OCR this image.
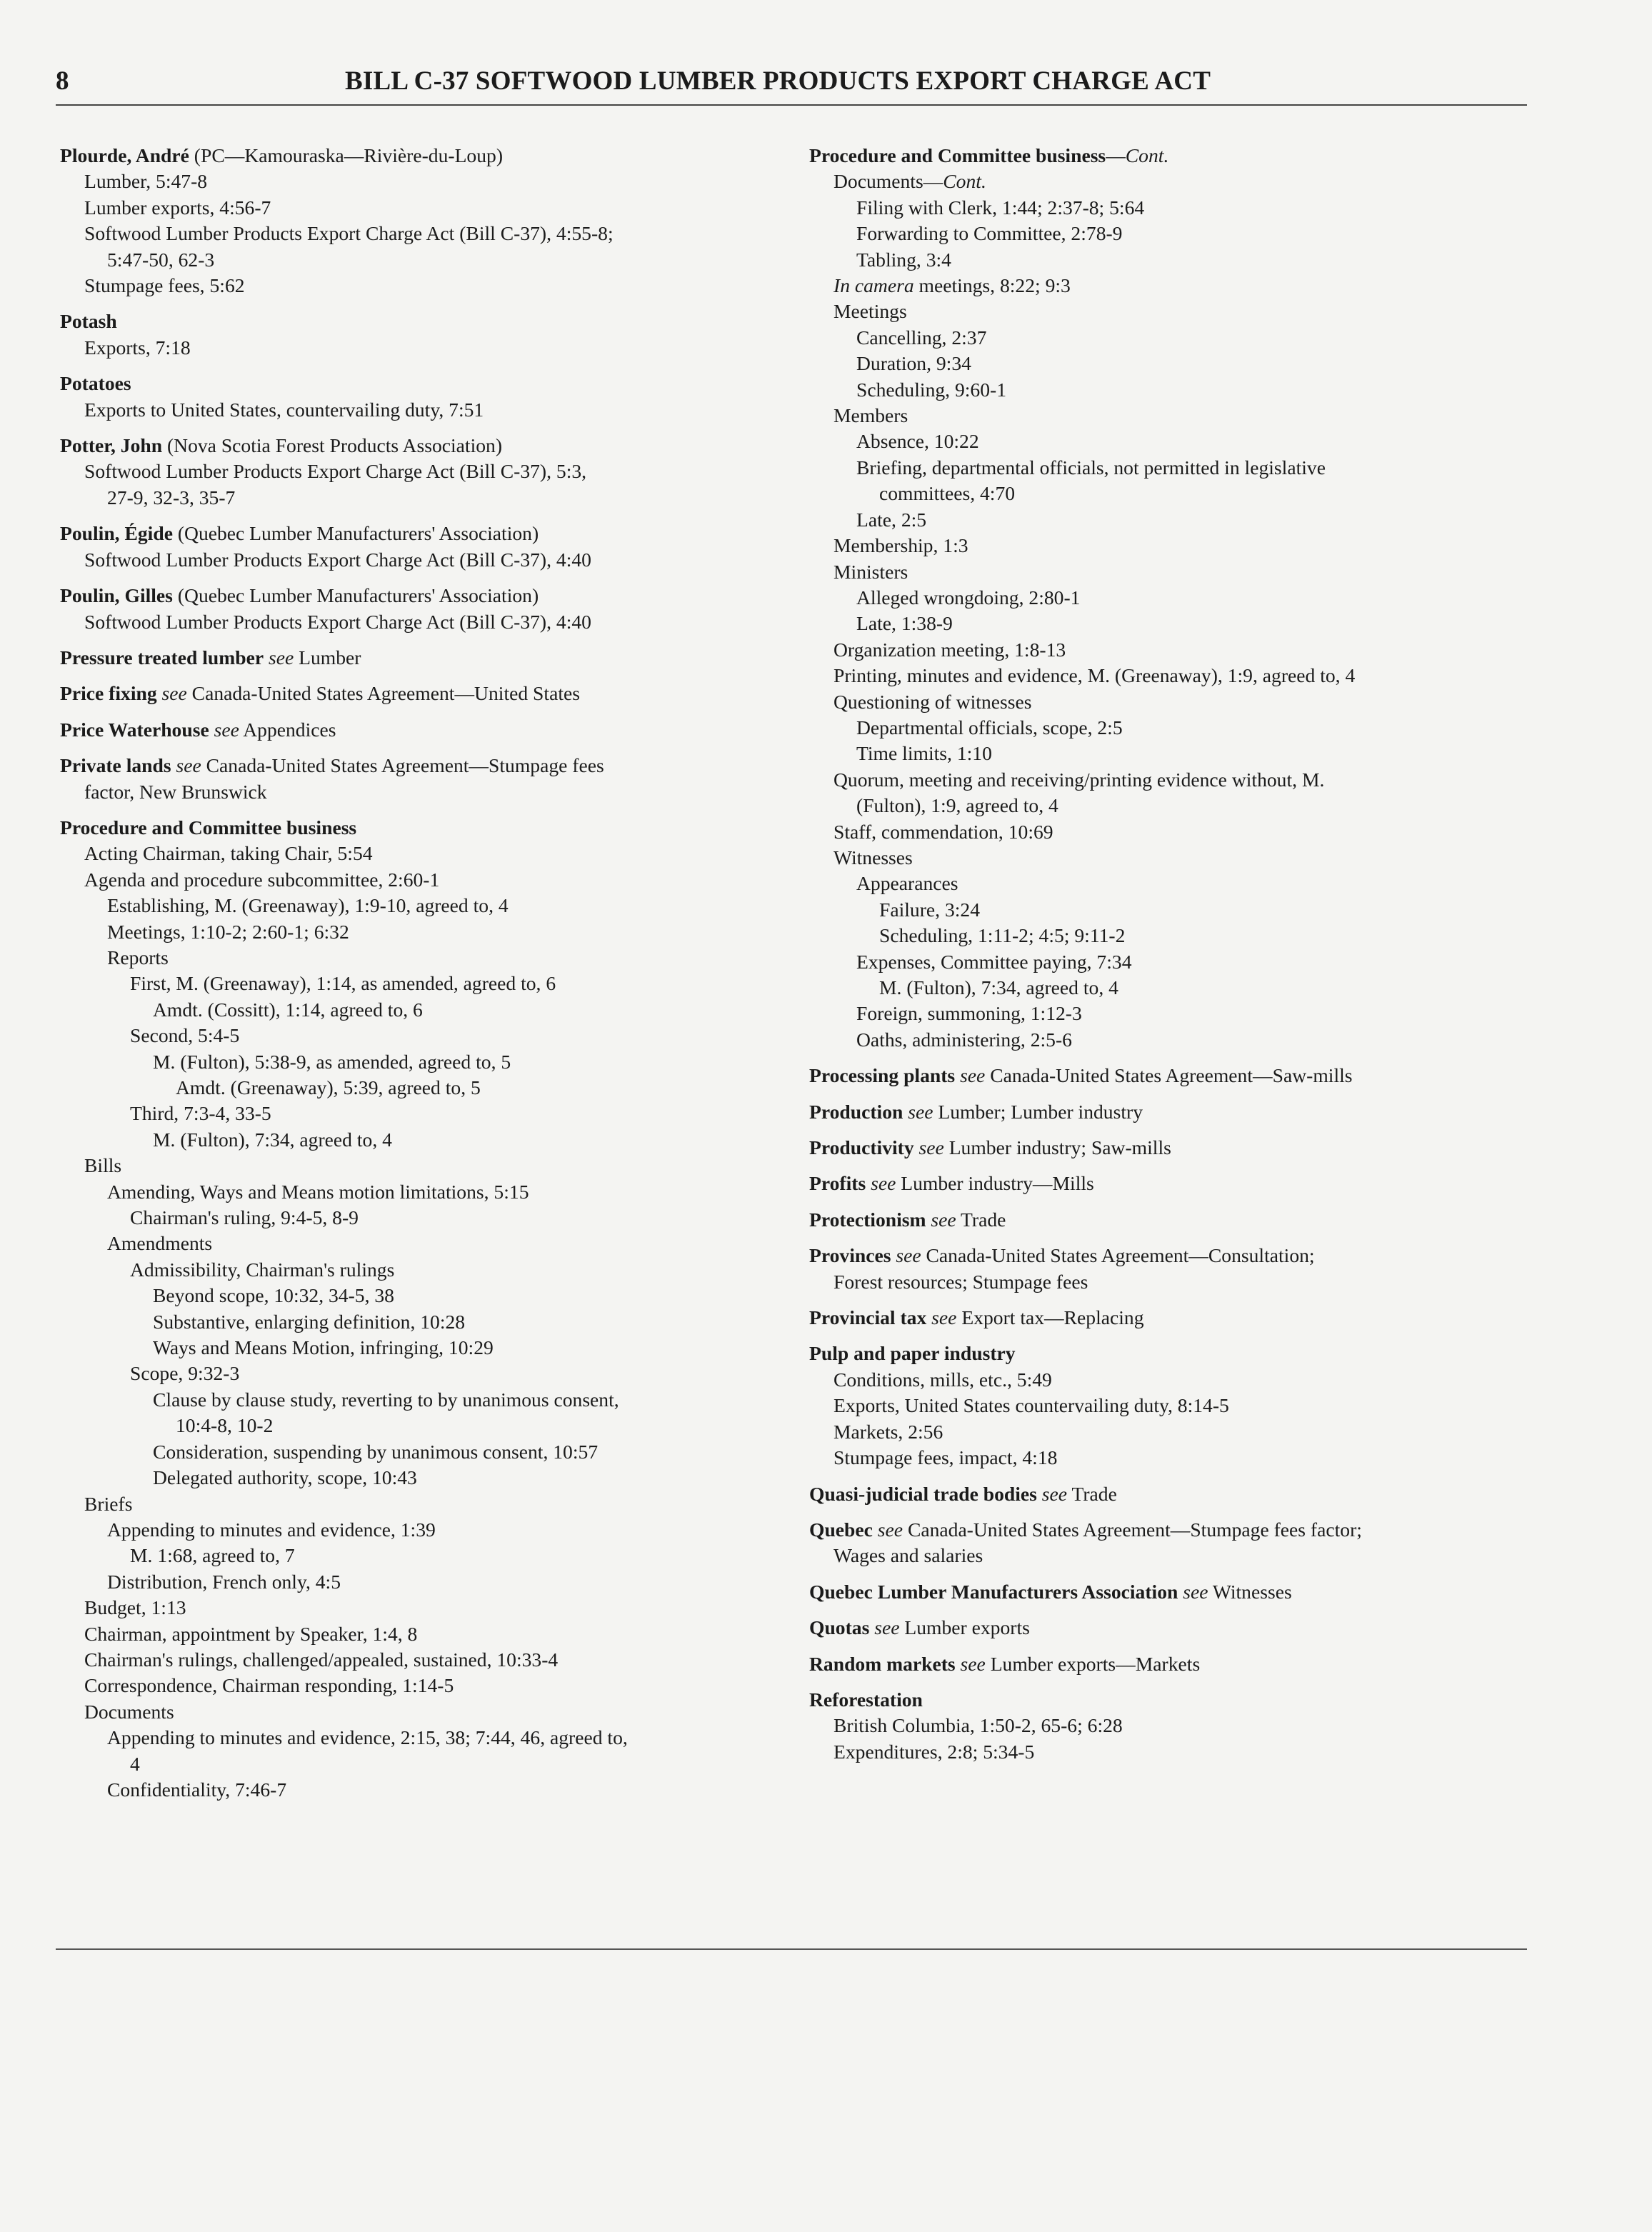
8	BILL C-37 SOFTWOOD LUMBER PRODUCTS EXPORT CHARGE ACT
Plourde, André (PC—Kamouraska—Rivière-du-Loup)
Lumber, 5:47-8
Lumber exports, 4:56-7
Softwood Lumber Products Export Charge Act (Bill C-37), 4:55-8;
5:47-50, 62-3
Stumpage fees, 5:62
Potash
Exports, 7:18
Potatoes
Exports to United States, countervailing duty, 7:51
Potter, John (Nova Scotia Forest Products Association)
Softwood Lumber Products Export Charge Act (Bill C-37), 5:3,
27-9, 32-3, 35-7
Poulin, Égide (Quebec Lumber Manufacturers' Association)
Softwood Lumber Products Export Charge Act (Bill C-37), 4:40
Poulin, Gilles (Quebec Lumber Manufacturers' Association)
Softwood Lumber Products Export Charge Act (Bill C-37), 4:40
Pressure treated lumber see Lumber
Price fixing see Canada-United States Agreement—United States
Price Waterhouse see Appendices
Private lands see Canada-United States Agreement—Stumpage fees
factor, New Brunswick
Procedure and Committee business
Acting Chairman, taking Chair, 5:54
Agenda and procedure subcommittee, 2:60-1
Establishing, M. (Greenaway), 1:9-10, agreed to, 4
Meetings, 1:10-2; 2:60-1; 6:32
Reports
First, M. (Greenaway), 1:14, as amended, agreed to, 6
Amdt. (Cossitt), 1:14, agreed to, 6
Second, 5:4-5
M. (Fulton), 5:38-9, as amended, agreed to, 5
Amdt. (Greenaway), 5:39, agreed to, 5
Third, 7:3-4, 33-5
M. (Fulton), 7:34, agreed to, 4
Bills
Amending, Ways and Means motion limitations, 5:15
Chairman's ruling, 9:4-5, 8-9
Amendments
Admissibility, Chairman's rulings
Beyond scope, 10:32, 34-5, 38
Substantive, enlarging definition, 10:28
Ways and Means Motion, infringing, 10:29
Scope, 9:32-3
Clause by clause study, reverting to by unanimous consent,
10:4-8, 10-2
Consideration, suspending by unanimous consent, 10:57
Delegated authority, scope, 10:43
Briefs
Appending to minutes and evidence, 1:39
M. 1:68, agreed to, 7
Distribution, French only, 4:5
Budget, 1:13
Chairman, appointment by Speaker, 1:4, 8
Chairman's rulings, challenged/appealed, sustained, 10:33-4
Correspondence, Chairman responding, 1:14-5
Documents
Appending to minutes and evidence, 2:15, 38; 7:44, 46, agreed to,
4
Confidentiality, 7:46-7
Procedure and Committee business—Cont.
Documents—Cont.
Filing with Clerk, 1:44; 2:37-8; 5:64
Forwarding to Committee, 2:78-9
Tabling, 3:4
In camera meetings, 8:22; 9:3
Meetings
Cancelling, 2:37
Duration, 9:34
Scheduling, 9:60-1
Members
Absence, 10:22
Briefing, departmental officials, not permitted in legislative
committees, 4:70
Late, 2:5
Membership, 1:3
Ministers
Alleged wrongdoing, 2:80-1
Late, 1:38-9
Organization meeting, 1:8-13
Printing, minutes and evidence, M. (Greenaway), 1:9, agreed to, 4
Questioning of witnesses
Departmental officials, scope, 2:5
Time limits, 1:10
Quorum, meeting and receiving/printing evidence without, M.
(Fulton), 1:9, agreed to, 4
Staff, commendation, 10:69
Witnesses
Appearances
Failure, 3:24
Scheduling, 1:11-2; 4:5; 9:11-2
Expenses, Committee paying, 7:34
M. (Fulton), 7:34, agreed to, 4
Foreign, summoning, 1:12-3
Oaths, administering, 2:5-6
Processing plants see Canada-United States Agreement—Saw-mills
Production see Lumber; Lumber industry
Productivity see Lumber industry; Saw-mills
Profits see Lumber industry—Mills
Protectionism see Trade
Provinces see Canada-United States Agreement—Consultation;
Forest resources; Stumpage fees
Provincial tax see Export tax—Replacing
Pulp and paper industry
Conditions, mills, etc., 5:49
Exports, United States countervailing duty, 8:14-5
Markets, 2:56
Stumpage fees, impact, 4:18
Quasi-judicial trade bodies see Trade
Quebec see Canada-United States Agreement—Stumpage fees factor;
Wages and salaries
Quebec Lumber Manufacturers Association see Witnesses
Quotas see Lumber exports
Random markets see Lumber exports—Markets
Reforestation
British Columbia, 1:50-2, 65-6; 6:28
Expenditures, 2:8; 5:34-5
